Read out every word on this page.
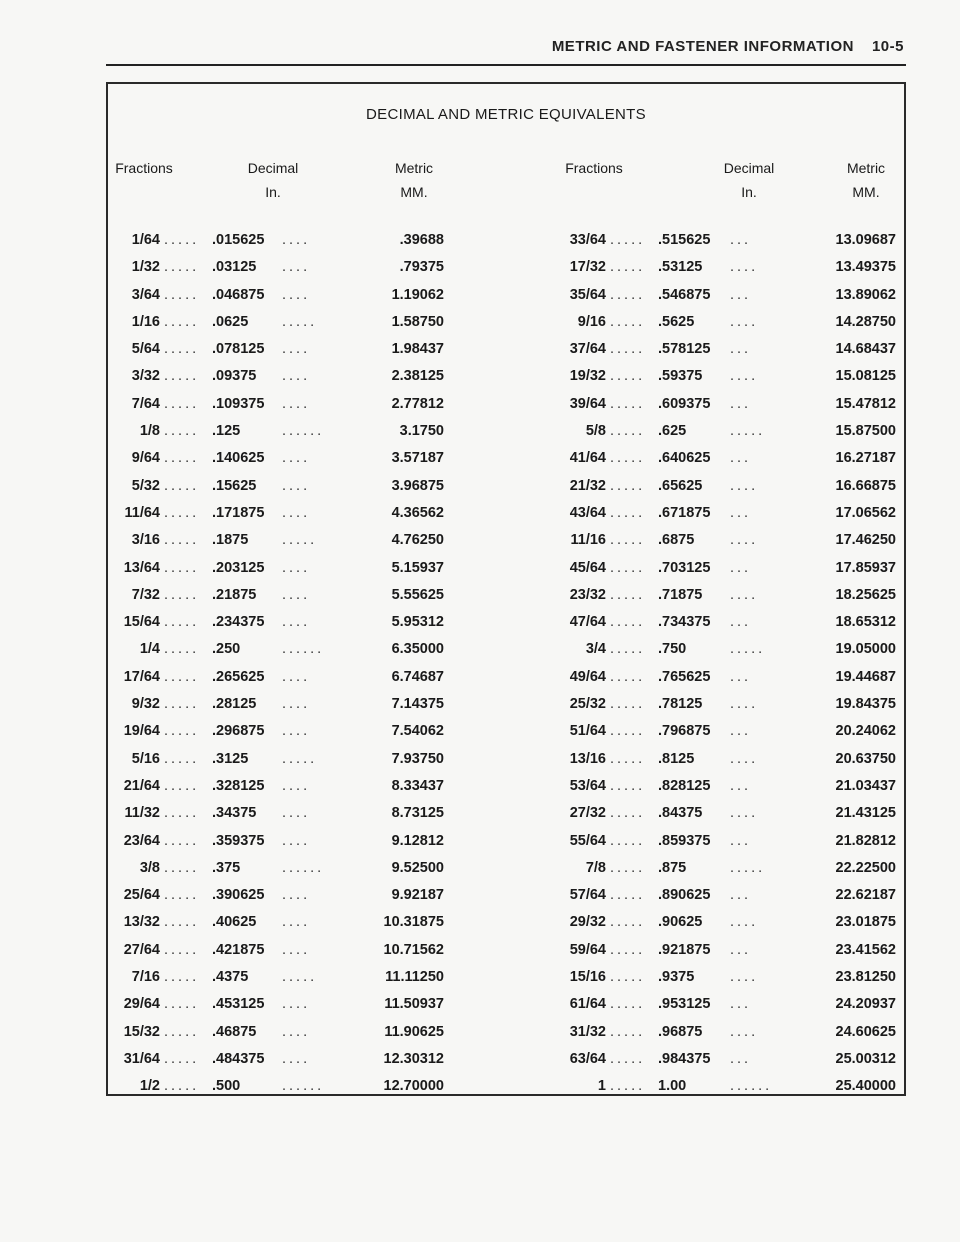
METRIC AND FASTENER INFORMATION 10-5
DECIMAL AND METRIC EQUIVALENTS
Fractions	Decimal
In.
Metric
MM.
Fractions	Decimal
In.
Metric
MM.
1/64 ..... .015625	....	.39688	33/64 ..... .515625	...	13.09687
1/32 ..... .03125	....	.79375	17/32 ..... .53125	....	13.49375
3/64 ..... .046875	....	1.19062	35/64 ..... .546875	...	13.89062
1/16 ..... .0625	.....	1.58750	9/16 ..... .5625	....	14.28750
5/64 ..... .078125	....	1.98437	37/64 ..... .578125	...	14.68437
3/32 ..... .09375	....	2.38125	19/32 ..... .59375	....	15.08125
7/64 ..... .109375	....	2.77812	39/64 ..... .609375	...	15.47812
1/8 ..... .125	......	3.1750	5/8 ..... .625	.....	15.87500
9/64 ..... .140625	....	3.57187	41/64 ..... .640625	...	16.27187
5/32 ..... .15625	....	3.96875	21/32 ..... .65625	....	16.66875
11/64 ..... .171875	....	4.36562	43/64 ..... .671875	...	17.06562
3/16 ..... .1875	.....	4.76250	11/16 ..... .6875	....	17.46250
13/64 ..... .203125	....	5.15937	45/64 ..... .703125	...	17.85937
7/32 ..... .21875	....	5.55625	23/32 ..... .71875	....	18.25625
15/64 ..... .234375	....	5.95312	47/64 ..... .734375	...	18.65312
1/4 ..... .250	......	6.35000	3/4 ..... .750	.....	19.05000
17/64 ..... .265625	....	6.74687	49/64 ..... .765625	...	19.44687
9/32 ..... .28125	....	7.14375	25/32 ..... .78125	....	19.84375
19/64 ..... .296875	....	7.54062	51/64 ..... .796875	...	20.24062
5/16 ..... .3125	.....	7.93750	13/16 ..... .8125	....	20.63750
21/64 ..... .328125	....	8.33437	53/64 ..... .828125	...	21.03437
11/32 ..... .34375	....	8.73125	27/32 ..... .84375	....	21.43125
23/64 ..... .359375	....	9.12812	55/64 ..... .859375	...	21.82812
3/8 ..... .375	......	9.52500	7/8 ..... .875	.....	22.22500
25/64 ..... .390625	....	9.92187	57/64 ..... .890625	...	22.62187
13/32 ..... .40625	....	10.31875	29/32 ..... .90625	....	23.01875
27/64 ..... .421875	....	10.71562	59/64 ..... .921875	...	23.41562
7/16 ..... .4375	.....	11.11250	15/16 ..... .9375	....	23.81250
29/64 ..... .453125	....	11.50937	61/64 ..... .953125	...	24.20937
15/32 ..... .46875	....	11.90625	31/32 ..... .96875	....	24.60625
31/64 ..... .484375	....	12.30312	63/64 ..... .984375	...	25.00312
1/2 ..... .500	......	12.70000	1 ..... 1.00	......	25.40000
